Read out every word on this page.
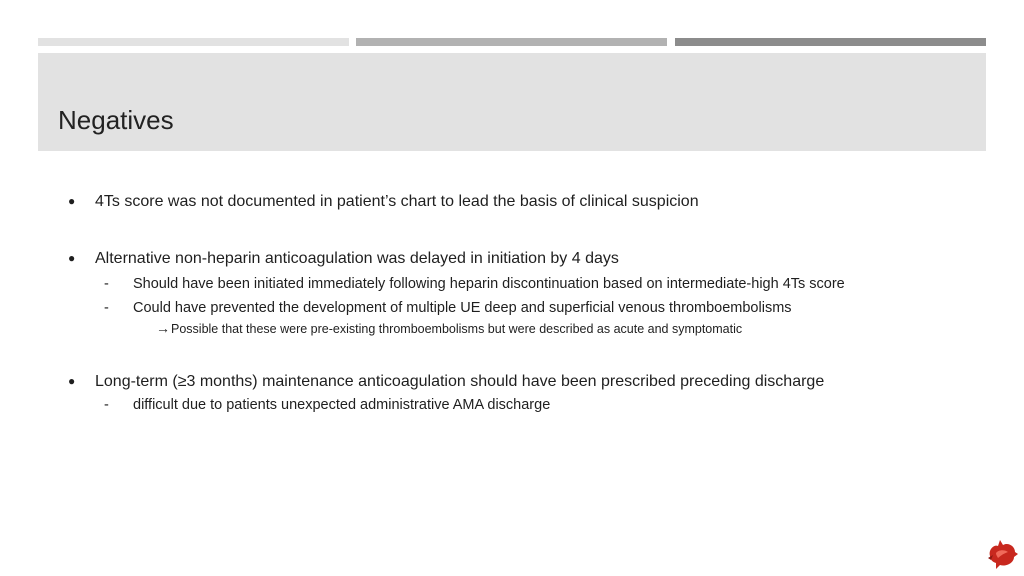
Negatives
● 4Ts score was not documented in patient’s chart to lead the basis of clinical suspicion
● Alternative non-heparin anticoagulation was delayed in initiation by 4 days
- Should have been initiated immediately following heparin discontinuation based on intermediate-high 4Ts score
- Could have prevented the development of multiple UE deep and superficial venous thromboembolisms
→ Possible that these were pre-existing thromboembolisms but were described as acute and symptomatic
● Long-term (≥3 months) maintenance anticoagulation should have been prescribed preceding discharge
- difficult due to patients unexpected administrative AMA discharge
